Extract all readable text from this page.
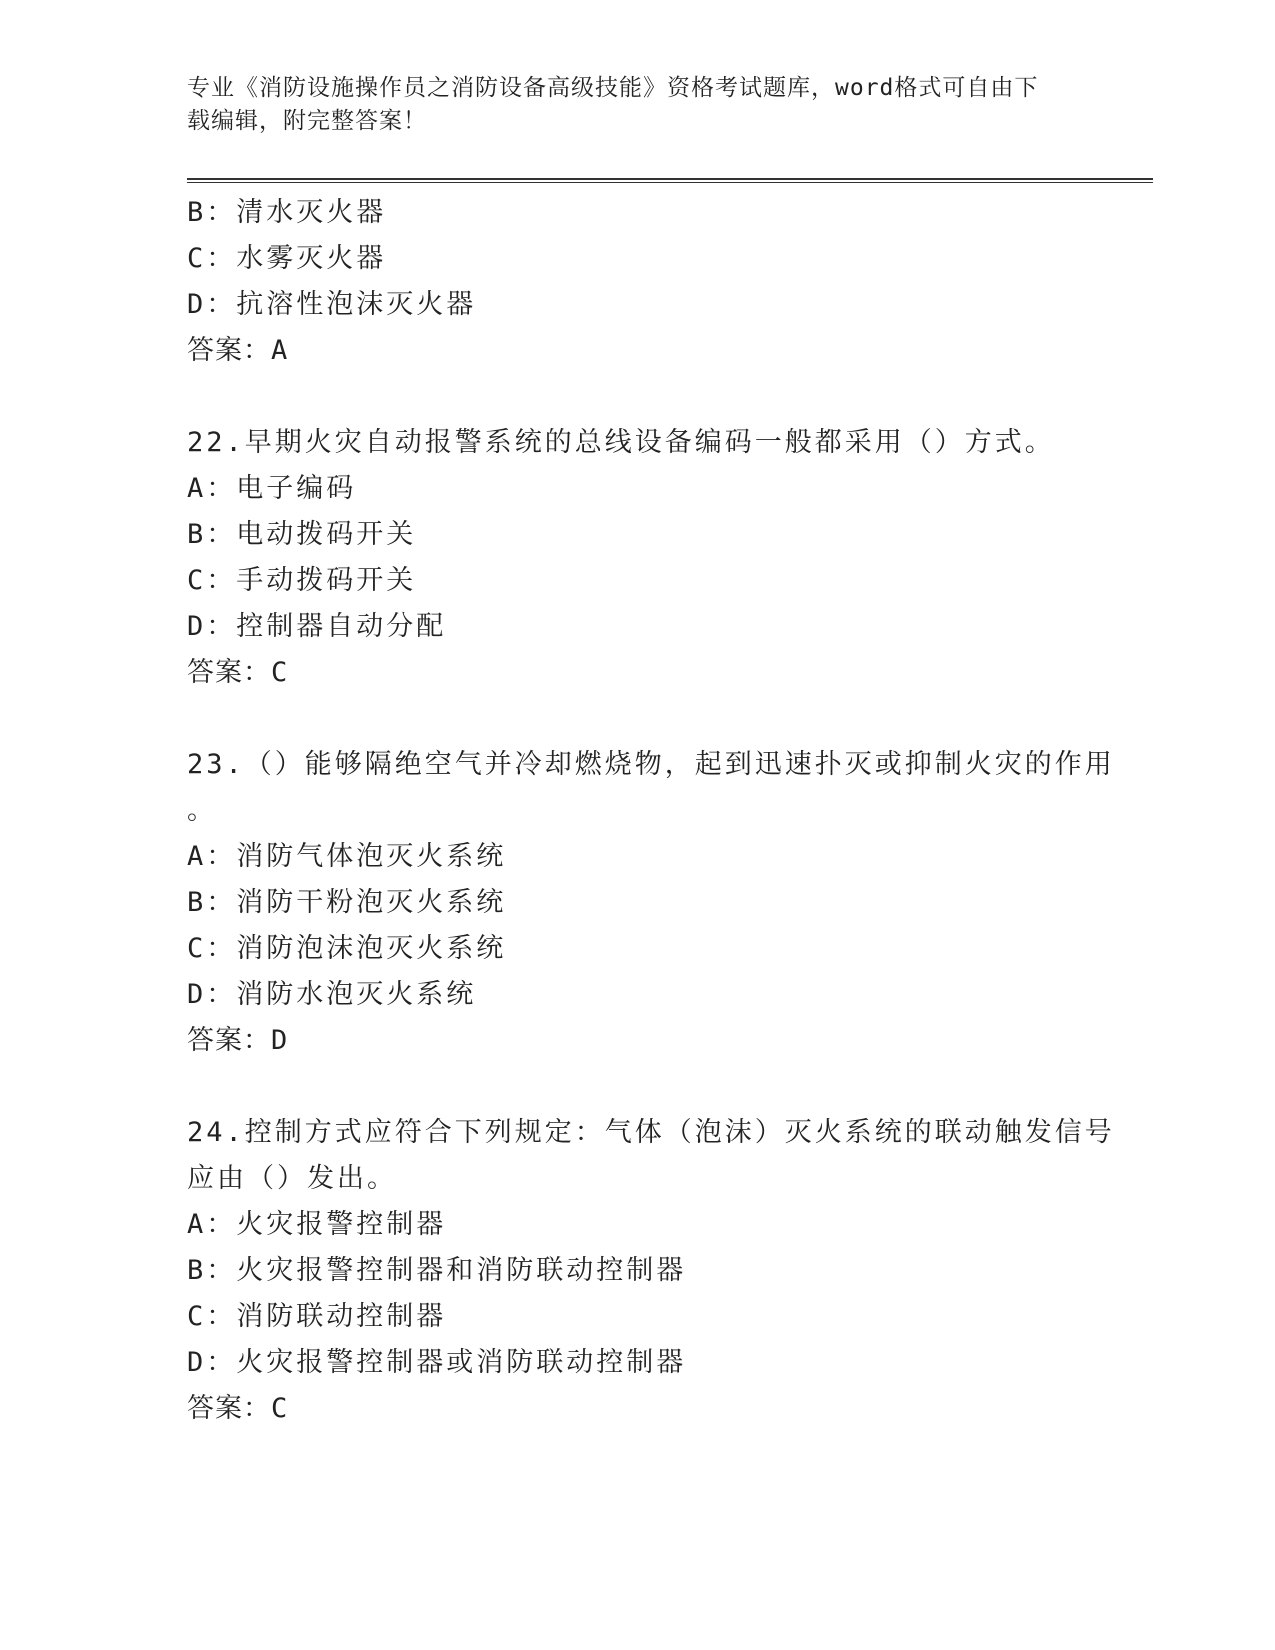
专业《消防设施操作员之消防设备高级技能》资格考试题库，word格式可自由下
载编辑，附完整答案！
B：清水灭火器
C：水雾灭火器
D：抗溶性泡沫灭火器
答案：A
22.早期火灾自动报警系统的总线设备编码一般都采用（）方式。
A：电子编码
B：电动拨码开关
C：手动拨码开关
D：控制器自动分配
答案：C
23.（）能够隔绝空气并冷却燃烧物，起到迅速扑灭或抑制火灾的作用
。
A：消防气体泡灭火系统
B：消防干粉泡灭火系统
C：消防泡沫泡灭火系统
D：消防水泡灭火系统
答案：D
24.控制方式应符合下列规定：气体（泡沫）灭火系统的联动触发信号
应由（）发出。
A：火灾报警控制器
B：火灾报警控制器和消防联动控制器
C：消防联动控制器
D：火灾报警控制器或消防联动控制器
答案：C
